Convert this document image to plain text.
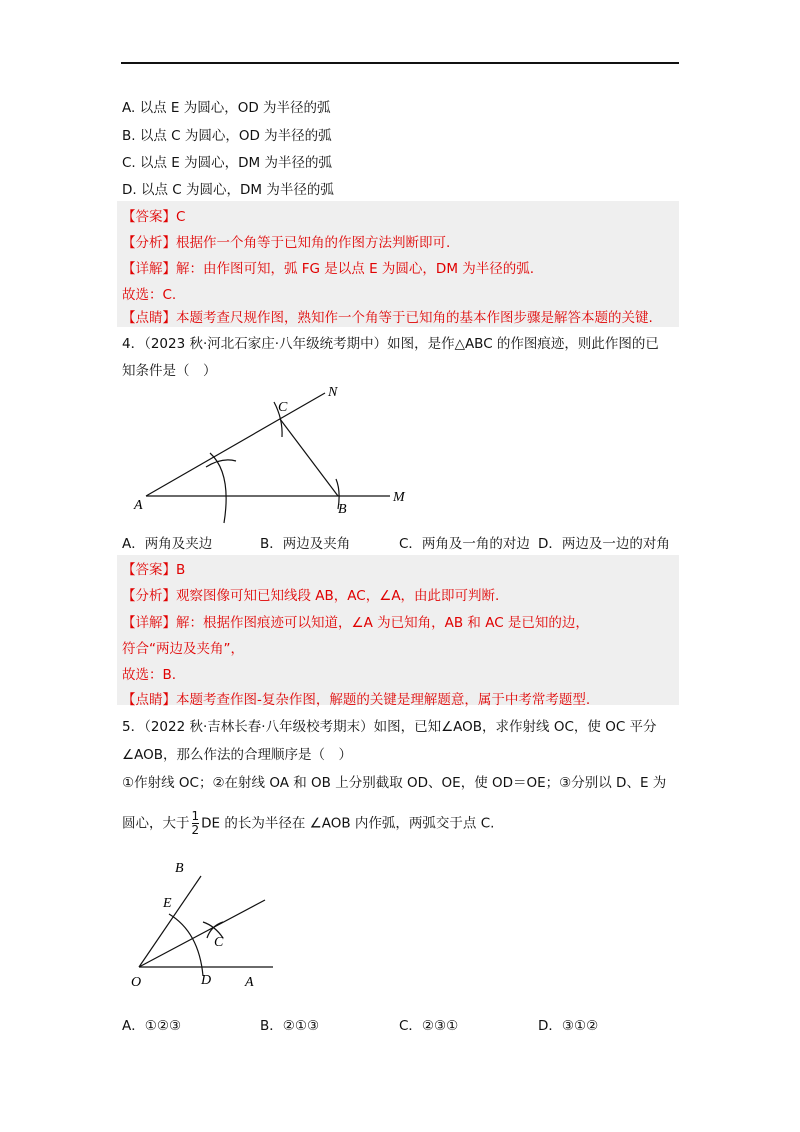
A. 以点 E 为圆心，OD 为半径的弧
B. 以点 C 为圆心，OD 为半径的弧
C. 以点 E 为圆心，DM 为半径的弧
D. 以点 C 为圆心，DM 为半径的弧
【答案】C
【分析】根据作一个角等于已知角的作图方法判断即可.
【详解】解：由作图可知，弧 FG 是以点 E 为圆心，DM 为半径的弧.
故选：C.
【点睛】本题考查尺规作图，熟知作一个角等于已知角的基本作图步骤是解答本题的关键.
4．（2023 秋·河北石家庄·八年级统考期中）如图，是作△ABC 的作图痕迹，则此作图的已
知条件是（　）
A	B
C
N
M
A．两角及夹边	B．两边及夹角	C．两角及一角的对边 D．两边及一边的对角
【答案】B
【分析】观察图像可知已知线段 AB，AC，∠A，由此即可判断.
【详解】解：根据作图痕迹可以知道，∠A 为已知角，AB 和 AC 是已知的边，
符合“两边及夹角”，
故选：B.
【点睛】本题考查作图-复杂作图，解题的关键是理解题意，属于中考常考题型.
5．（2022 秋·吉林长春·八年级校考期末）如图，已知∠AOB，求作射线 OC，使 OC 平分
∠AOB，那么作法的合理顺序是（　）
①作射线 OC；②在射线 OA 和 OB 上分别截取 OD、OE，使 OD＝OE；③分别以 D、E 为
圆心，大于 $\frac{1}{2}$ DE 的长为半径在 ∠AOB 内作弧，两弧交于点 C.
B
E
C
O	D A
A．①②③	B．②①③	C．②③①	D．③①②
